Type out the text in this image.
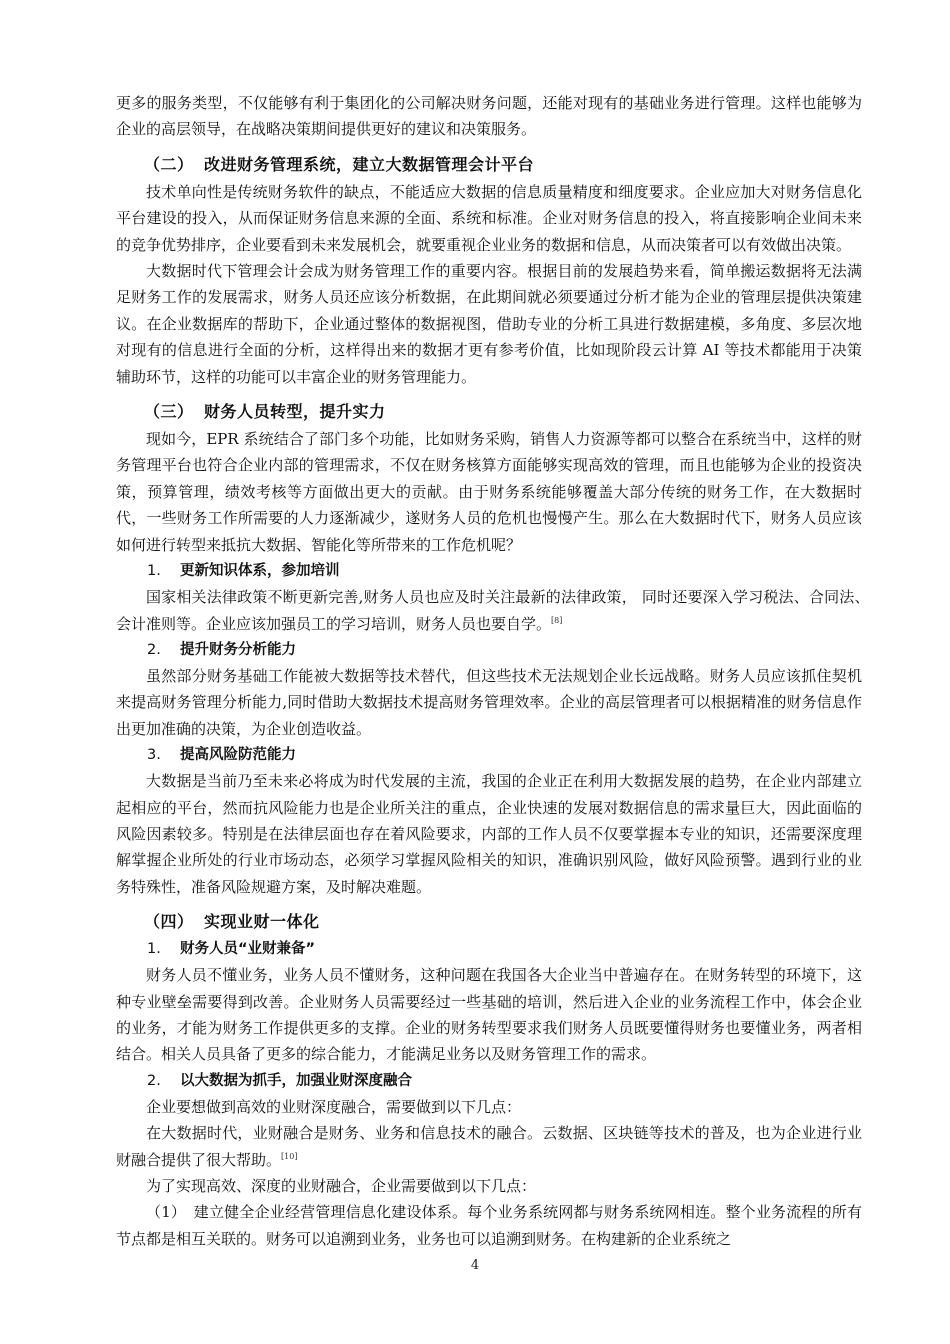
更多的服务类型，不仅能够有利于集团化的公司解决财务问题，还能对现有的基础业务进行管理。这样也能够为企业的高层领导，在战略决策期间提供更好的建议和决策服务。

（二） 改进财务管理系统，建立大数据管理会计平台

技术单向性是传统财务软件的缺点，不能适应大数据的信息质量精度和细度要求。企业应加大对财务信息化平台建设的投入，从而保证财务信息来源的全面、系统和标准。企业对财务信息的投入，将直接影响企业间未来的竞争优势排序，企业要看到未来发展机会，就要重视企业业务的数据和信息，从而决策者可以有效做出决策。

大数据时代下管理会计会成为财务管理工作的重要内容。根据目前的发展趋势来看，简单搬运数据将无法满足财务工作的发展需求，财务人员还应该分析数据，在此期间就必须要通过分析才能为企业的管理层提供决策建议。在企业数据库的帮助下，企业通过整体的数据视图，借助专业的分析工具进行数据建模，多角度、多层次地对现有的信息进行全面的分析，这样得出来的数据才更有参考价值，比如现阶段云计算 AI 等技术都能用于决策辅助环节，这样的功能可以丰富企业的财务管理能力。

（三） 财务人员转型，提升实力

现如今，EPR 系统结合了部门多个功能，比如财务采购，销售人力资源等都可以整合在系统当中，这样的财务管理平台也符合企业内部的管理需求，不仅在财务核算方面能够实现高效的管理，而且也能够为企业的投资决策，预算管理，绩效考核等方面做出更大的贡献。由于财务系统能够覆盖大部分传统的财务工作，在大数据时代，一些财务工作所需要的人力逐渐减少，遂财务人员的危机也慢慢产生。那么在大数据时代下，财务人员应该如何进行转型来抵抗大数据、智能化等所带来的工作危机呢？

1. 更新知识体系，参加培训

国家相关法律政策不断更新完善,财务人员也应及时关注最新的法律政策， 同时还要深入学习税法、合同法、　会计准则等。企业应该加强员工的学习培训，财务人员也要自学。[8]

2. 提升财务分析能力

虽然部分财务基础工作能被大数据等技术替代，但这些技术无法规划企业长远战略。财务人员应该抓住契机来提高财务管理分析能力,同时借助大数据技术提高财务管理效率。企业的高层管理者可以根据精准的财务信息作出更加准确的决策，为企业创造收益。

3. 提高风险防范能力

大数据是当前乃至未来必将成为时代发展的主流，我国的企业正在利用大数据发展的趋势，在企业内部建立起相应的平台，然而抗风险能力也是企业所关注的重点，企业快速的发展对数据信息的需求量巨大，因此面临的风险因素较多。特别是在法律层面也存在着风险要求，内部的工作人员不仅要掌握本专业的知识，还需要深度理解掌握企业所处的行业市场动态，必须学习掌握风险相关的知识，准确识别风险，做好风险预警。遇到行业的业务特殊性，准备风险规避方案，及时解决难题。

（四） 实现业财一体化
1. 财务人员“业财兼备”

财务人员不懂业务，业务人员不懂财务，这种问题在我国各大企业当中普遍存在。在财务转型的环境下，这种专业壁垒需要得到改善。企业财务人员需要经过一些基础的培训，然后进入企业的业务流程工作中，体会企业的业务，才能为财务工作提供更多的支撑。企业的财务转型要求我们财务人员既要懂得财务也要懂业务，两者相结合。相关人员具备了更多的综合能力，才能满足业务以及财务管理工作的需求。

2. 以大数据为抓手，加强业财深度融合

企业要想做到高效的业财深度融合，需要做到以下几点：

在大数据时代，业财融合是财务、业务和信息技术的融合。云数据、区块链等技术的普及，也为企业进行业财融合提供了很大帮助。[10]

为了实现高效、深度的业财融合，企业需要做到以下几点：

（1）　建立健全企业经营管理信息化建设体系。每个业务系统网都与财务系统网相连。整个业务流程的所有节点都是相互关联的。财务可以追溯到业务，业务也可以追溯到财务。在构建新的企业系统之

4
